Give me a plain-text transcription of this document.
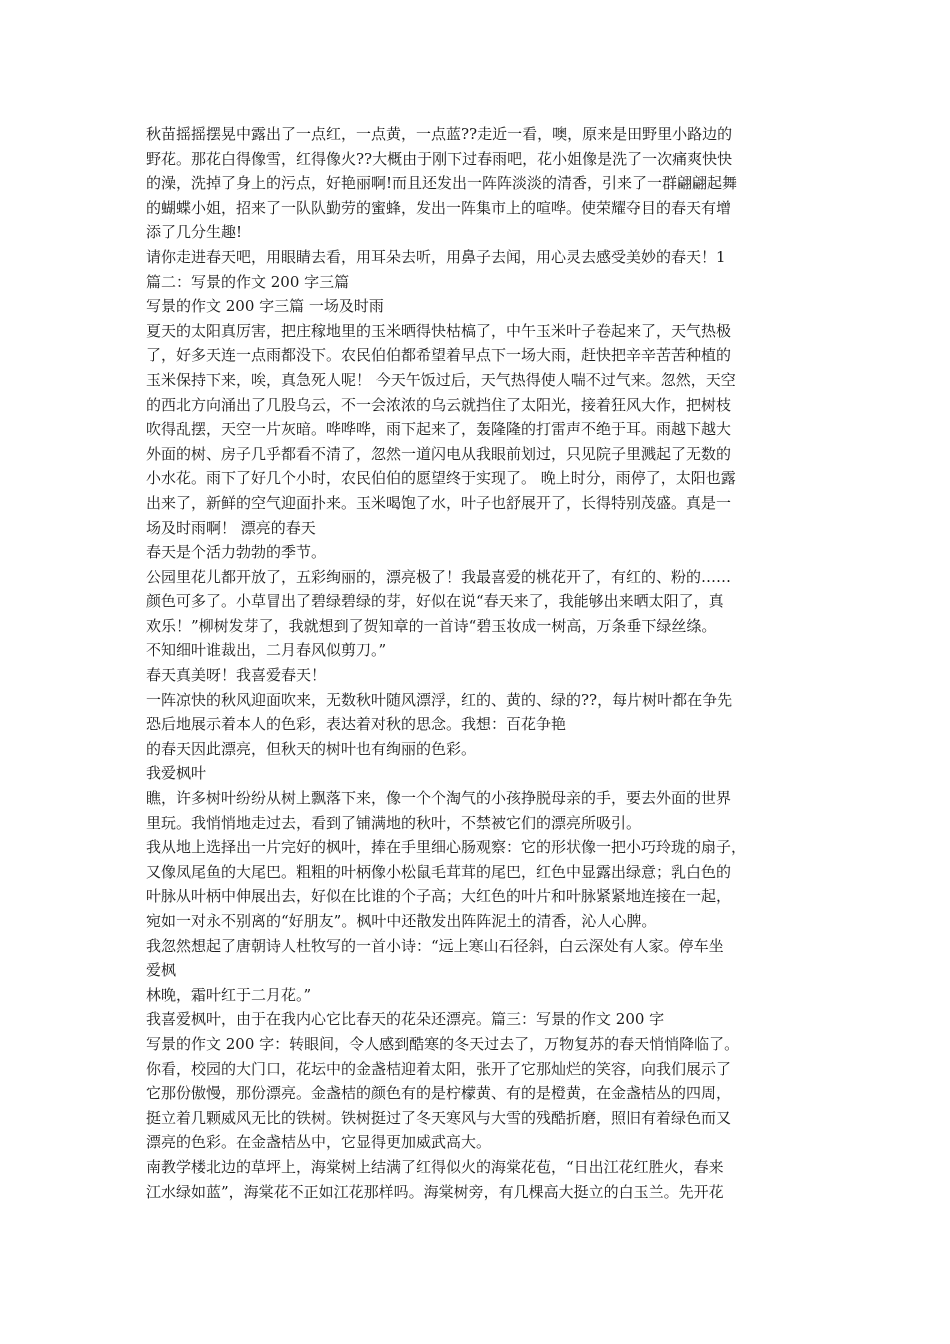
秋苗摇摇摆晃中露出了一点红，一点黄，一点蓝??走近一看，噢，原来是田野里小路边的
野花。那花白得像雪，红得像火??大概由于刚下过春雨吧，花小姐像是洗了一次痛爽快快
的澡，洗掉了身上的污点，好艳丽啊!而且还发出一阵阵淡淡的清香，引来了一群翩翩起舞
的蝴蝶小姐，招来了一队队勤劳的蜜蜂，发出一阵集市上的喧哗。使荣耀夺目的春天有增
添了几分生趣!
请你走进春天吧，用眼睛去看，用耳朵去听，用鼻子去闻，用心灵去感受美妙的春天！1
篇二：写景的作文 200 字三篇
写景的作文 200 字三篇 一场及时雨
夏天的太阳真厉害，把庄稼地里的玉米晒得快枯槁了，中午玉米叶子卷起来了，天气热极
了，好多天连一点雨都没下。农民伯伯都希望着早点下一场大雨，赶快把辛辛苦苦种植的
玉米保持下来，唉，真急死人呢！ 今天午饭过后，天气热得使人喘不过气来。忽然，天空
的西北方向涌出了几股乌云，不一会浓浓的乌云就挡住了太阳光，接着狂风大作，把树枝
吹得乱摆，天空一片灰暗。哗哗哗，雨下起来了，轰隆隆的打雷声不绝于耳。雨越下越大
外面的树、房子几乎都看不清了，忽然一道闪电从我眼前划过，只见院子里溅起了无数的
小水花。雨下了好几个小时，农民伯伯的愿望终于实现了。 晚上时分，雨停了，太阳也露
出来了，新鲜的空气迎面扑来。玉米喝饱了水，叶子也舒展开了，长得特别茂盛。真是一
场及时雨啊！ 漂亮的春天
春天是个活力勃勃的季节。
公园里花儿都开放了，五彩绚丽的，漂亮极了！我最喜爱的桃花开了，有红的、粉的……
颜色可多了。小草冒出了碧绿碧绿的芽，好似在说“春天来了，我能够出来晒太阳了，真
欢乐！”柳树发芽了，我就想到了贺知章的一首诗“碧玉妆成一树高，万条垂下绿丝绦。
不知细叶谁裁出，二月春风似剪刀。”
春天真美呀！我喜爱春天！
一阵凉快的秋风迎面吹来，无数秋叶随风漂浮，红的、黄的、绿的??，每片树叶都在争先
恐后地展示着本人的色彩，表达着对秋的思念。我想：百花争艳
的春天因此漂亮，但秋天的树叶也有绚丽的色彩。
我爱枫叶
瞧，许多树叶纷纷从树上飘落下来，像一个个淘气的小孩挣脱母亲的手，要去外面的世界
里玩。我悄悄地走过去，看到了铺满地的秋叶，不禁被它们的漂亮所吸引。
我从地上选择出一片完好的枫叶，捧在手里细心肠观察：它的形状像一把小巧玲珑的扇子，
又像凤尾鱼的大尾巴。粗粗的叶柄像小松鼠毛茸茸的尾巴，红色中显露出绿意；乳白色的
叶脉从叶柄中伸展出去，好似在比谁的个子高；大红色的叶片和叶脉紧紧地连接在一起，
宛如一对永不别离的“好朋友”。枫叶中还散发出阵阵泥土的清香，沁人心脾。
我忽然想起了唐朝诗人杜牧写的一首小诗：“远上寒山石径斜，白云深处有人家。停车坐
爱枫
林晚，霜叶红于二月花。”
我喜爱枫叶，由于在我内心它比春天的花朵还漂亮。篇三：写景的作文 200 字
写景的作文 200 字：转眼间，令人感到酷寒的冬天过去了，万物复苏的春天悄悄降临了。
你看，校园的大门口，花坛中的金盏桔迎着太阳，张开了它那灿烂的笑容，向我们展示了
它那份傲慢，那份漂亮。金盏桔的颜色有的是柠檬黄、有的是橙黄，在金盏桔丛的四周，
挺立着几颗威风无比的铁树。铁树挺过了冬天寒风与大雪的残酷折磨，照旧有着绿色而又
漂亮的色彩。在金盏桔丛中，它显得更加威武高大。
南教学楼北边的草坪上，海棠树上结满了红得似火的海棠花苞，“日出江花红胜火，春来
江水绿如蓝”，海棠花不正如江花那样吗。海棠树旁，有几棵高大挺立的白玉兰。先开花
